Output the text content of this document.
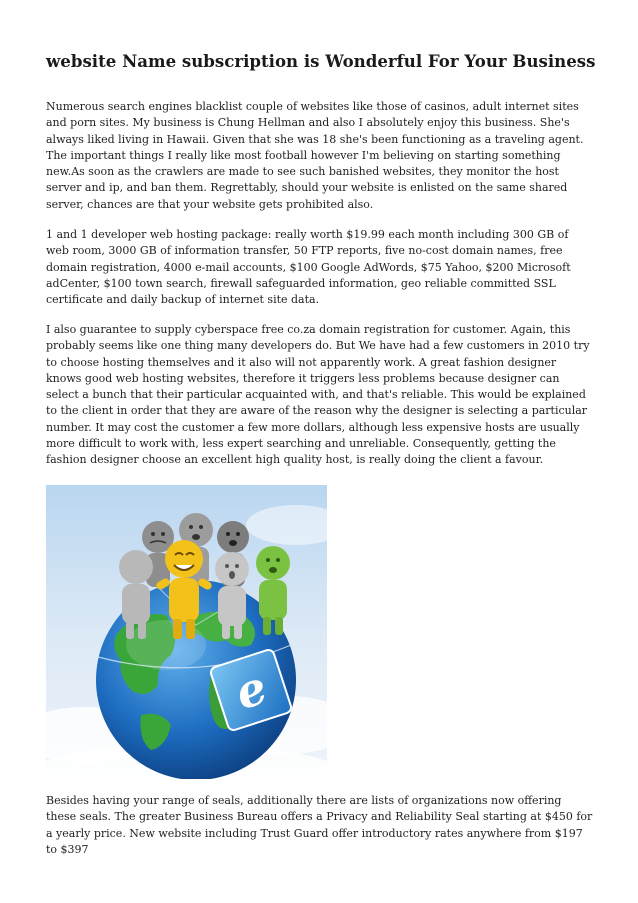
website Name subscription is Wonderful For Your Business

Numerous search engines blacklist couple of websites like those of casinos, adult internet sites and porn sites. My business is Chung Hellman and also I absolutely enjoy this business. She's always liked living in Hawaii. Given that she was 18 she's been functioning as a traveling agent. The important things I really like most football however I'm believing on starting something new.As soon as the crawlers are made to see such banished websites, they monitor the host server and ip, and ban them. Regrettably, should your website is enlisted on the same shared server, chances are that your website gets prohibited also.

1 and 1 developer web hosting package: really worth $19.99 each month including 300 GB of web room, 3000 GB of information transfer, 50 FTP reports, five no-cost domain names, free domain registration, 4000 e-mail accounts, $100 Google AdWords, $75 Yahoo, $200 Microsoft adCenter, $100 town search, firewall safeguarded information, geo reliable committed SSL certificate and daily backup of internet site data.

I also guarantee to supply cyberspace free co.za domain registration for customer. Again, this probably seems like one thing many developers do. But We have had a few customers in 2010 try to choose hosting themselves and it also will not apparently work. A great fashion designer knows good web hosting websites, therefore it triggers less problems because designer can select a bunch that their particular acquainted with, and that's reliable. This would be explained to the client in order that they are aware of the reason why the designer is selecting a particular number. It may cost the customer a few more dollars, although less expensive hosts are usually more difficult to work with, less expert searching and unreliable. Consequently, getting the fashion designer choose an excellent high quality host, is really doing the client a favour.

e

Besides having your range of seals, additionally there are lists of organizations now offering these seals. The greater Business Bureau offers a Privacy and Reliability Seal starting at $450 for a yearly price. New website including Trust Guard offer introductory rates anywhere from $197 to $397
